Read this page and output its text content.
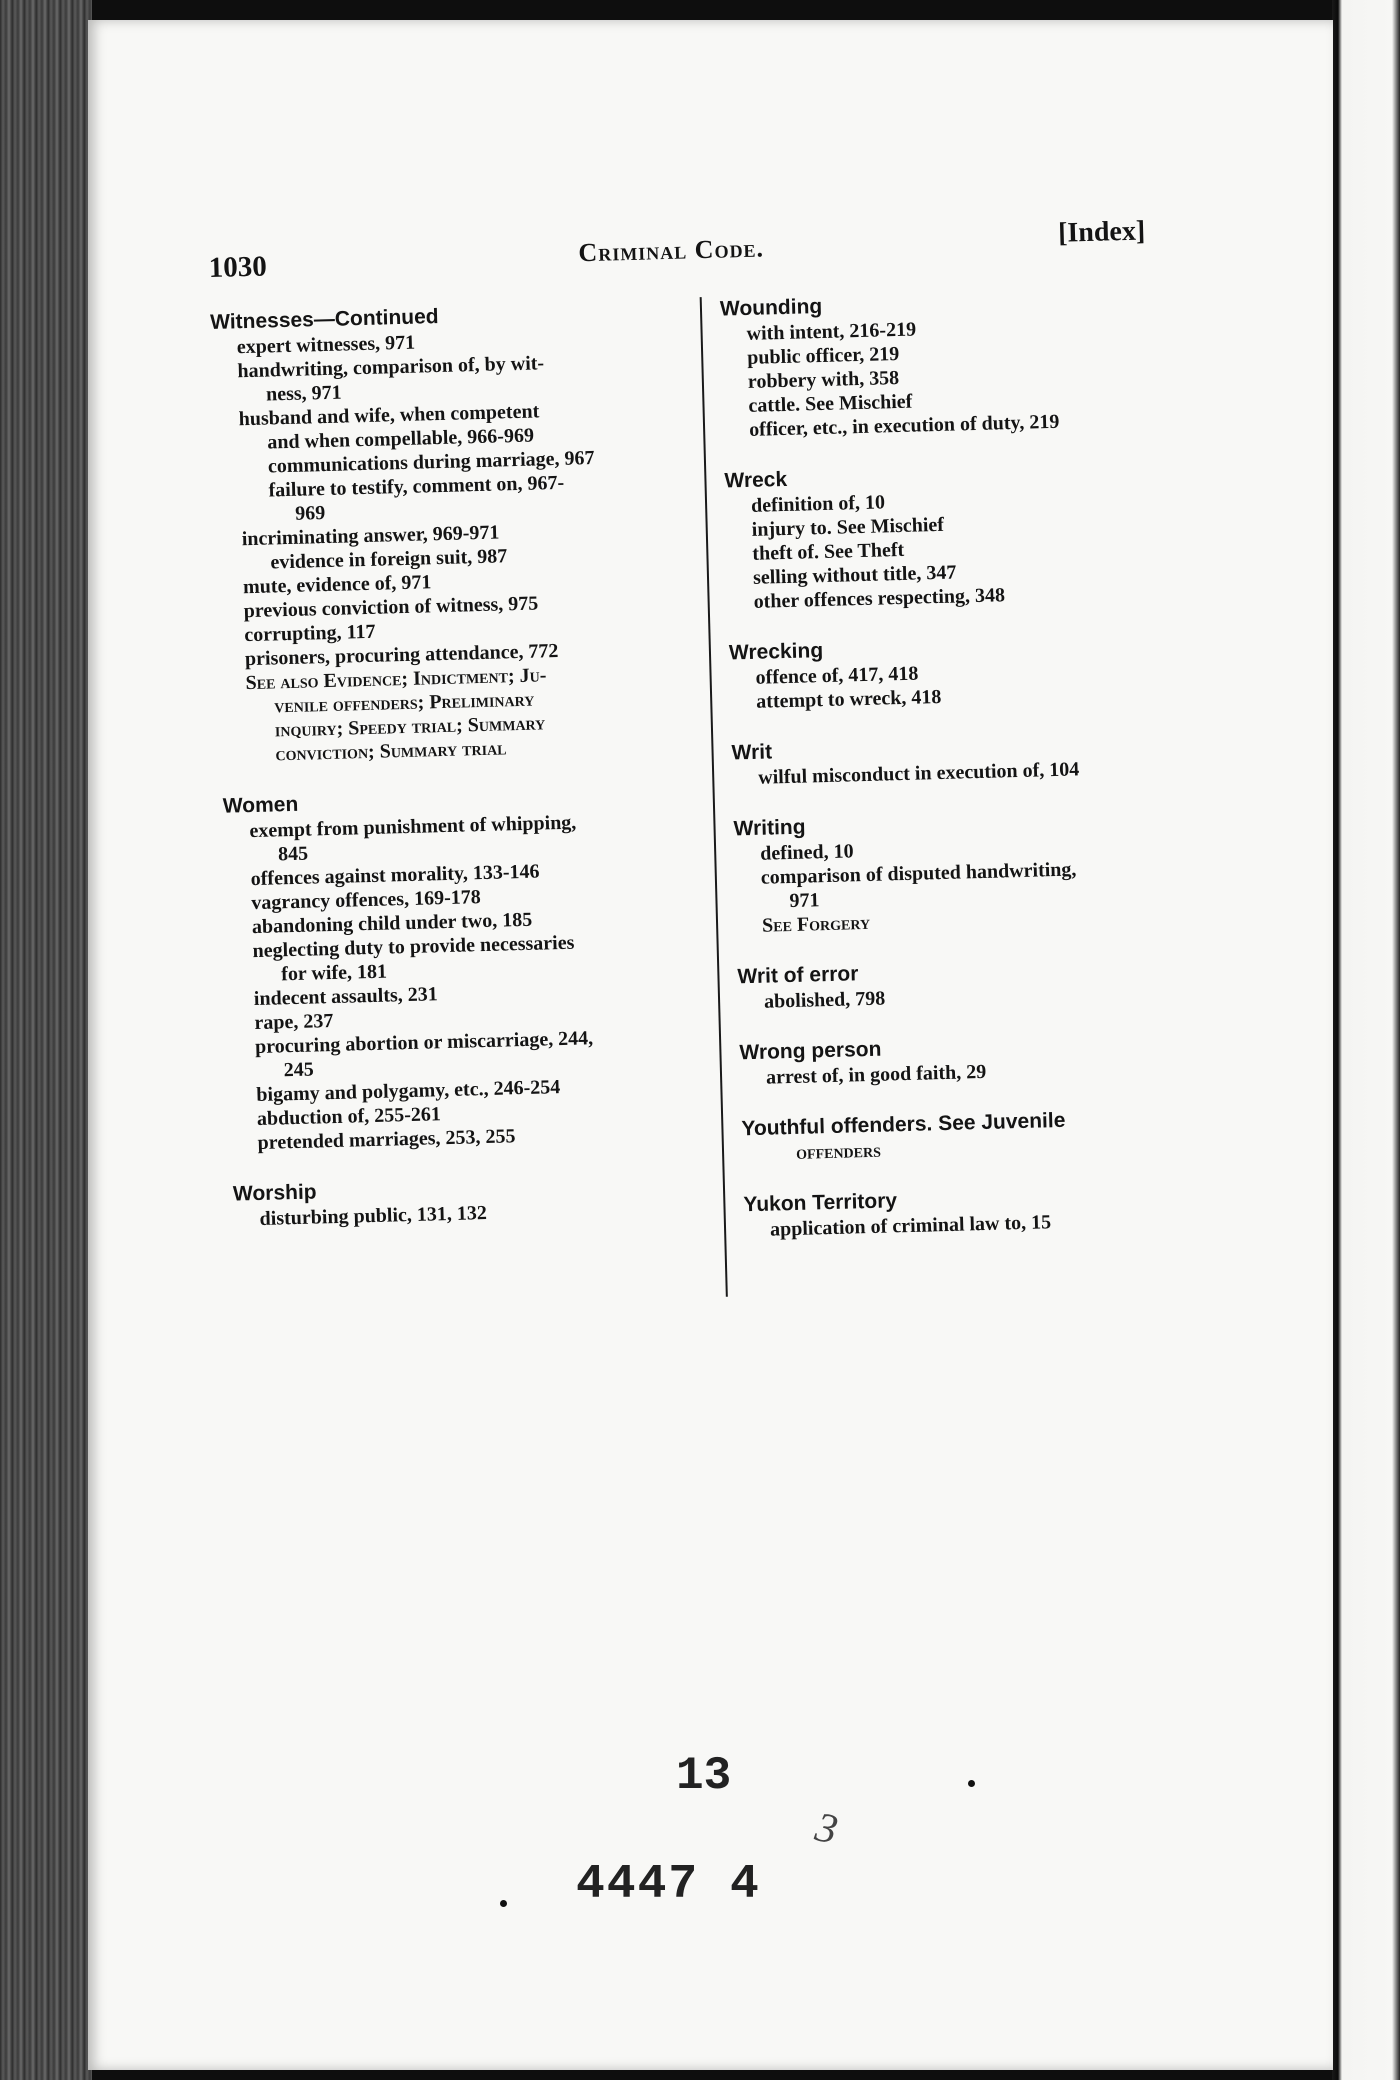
1030	Criminal Code.
[Index]
Witnesses—Continued
expert witnesses, 971
handwriting, comparison of, by wit-
ness, 971
husband and wife, when competent
and when compellable, 966-969
communications during marriage, 967
failure to testify, comment on, 967-
969
incriminating answer, 969-971
evidence in foreign suit, 987
mute, evidence of, 971
previous conviction of witness, 975
corrupting, 117
prisoners, procuring attendance, 772
See also Evidence; Indictment; Ju-
venile offenders; Preliminary
inquiry; Speedy trial; Summary
conviction; Summary trial
Women
exempt from punishment of whipping,
845
offences against morality, 133-146
vagrancy offences, 169-178
abandoning child under two, 185
neglecting duty to provide necessaries
for wife, 181
indecent assaults, 231
rape, 237
procuring abortion or miscarriage, 244,
245
bigamy and polygamy, etc., 246-254
abduction of, 255-261
pretended marriages, 253, 255
Worship
disturbing public, 131, 132
Wounding
with intent, 216-219
public officer, 219
robbery with, 358
cattle. See Mischief
officer, etc., in execution of duty, 219
Wreck
definition of, 10
injury to. See Mischief
theft of. See Theft
selling without title, 347
other offences respecting, 348
Wrecking
offence of, 417, 418
attempt to wreck, 418
Writ
wilful misconduct in execution of, 104
Writing
defined, 10
comparison of disputed handwriting,
971
See Forgery
Writ of error
abolished, 798
Wrong person
arrest of, in good faith, 29
Youthful offenders. See Juvenile
offenders
Yukon Territory
application of criminal law to, 15
13
3
4447 4
